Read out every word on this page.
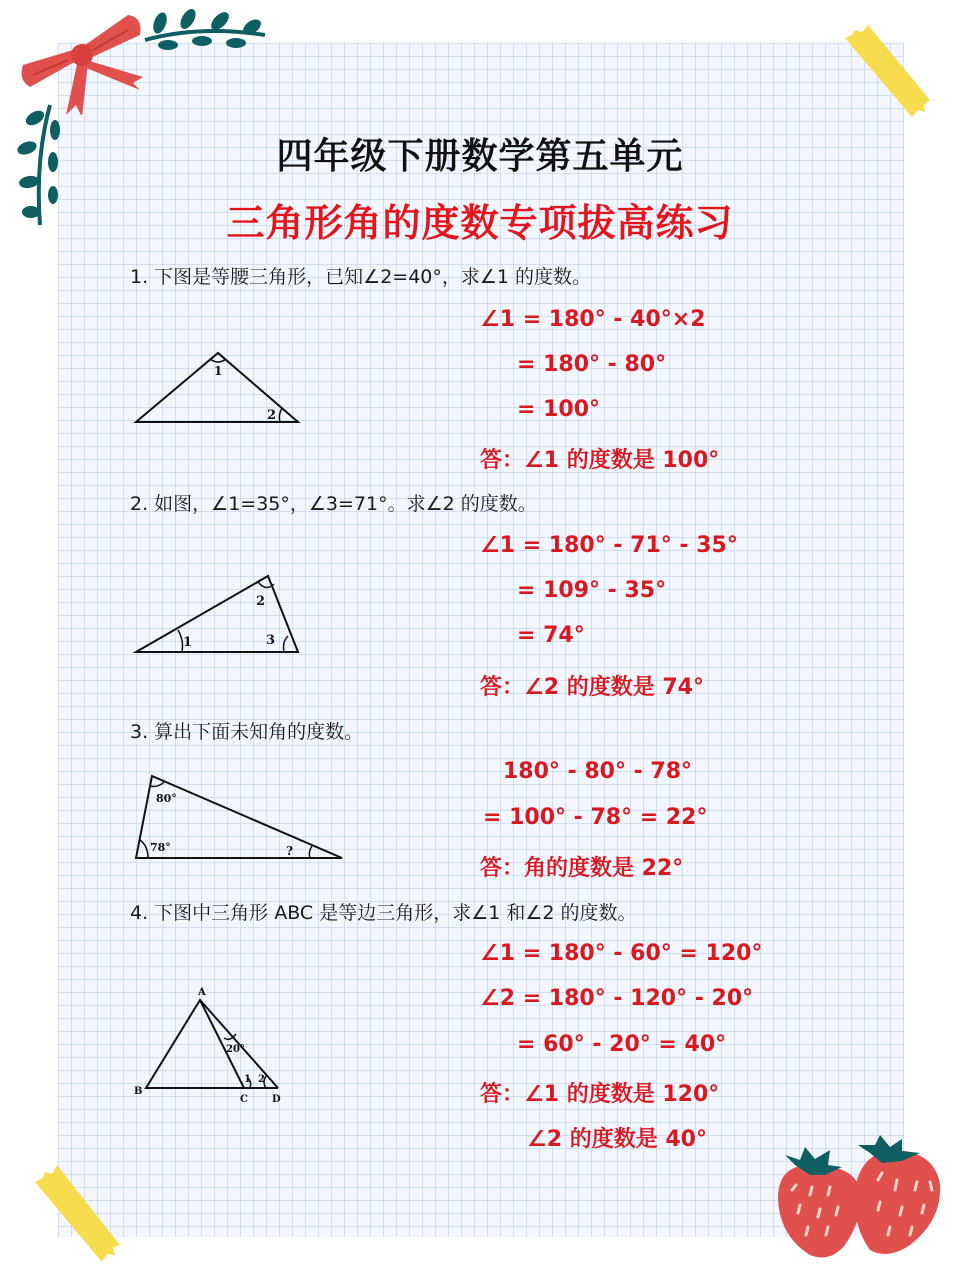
四年级下册数学第五单元
三角形角的度数专项拔高练习
1. 下图是等腰三角形，已知∠2=40°，求∠1 的度数。
1
2
∠1 = 180° - 40°×2
= 180° - 80°
= 100°
答：∠1 的度数是 100°
2. 如图，∠1=35°，∠3=71°。求∠2 的度数。
1
2
3
∠1 = 180° - 71° - 35°
= 109° - 35°
= 74°
答：∠2 的度数是 74°
3. 算出下面未知角的度数。
80°
78°	?
180° - 80° - 78°
= 100° - 78° = 22°
答：角的度数是 22°
4. 下图中三角形 ABC 是等边三角形，求∠1 和∠2 的度数。
A
B
C D
20°
1 2
∠1 = 180° - 60° = 120°
∠2 = 180° - 120° - 20°
= 60° - 20° = 40°
答：∠1 的度数是 120°
∠2 的度数是 40°
